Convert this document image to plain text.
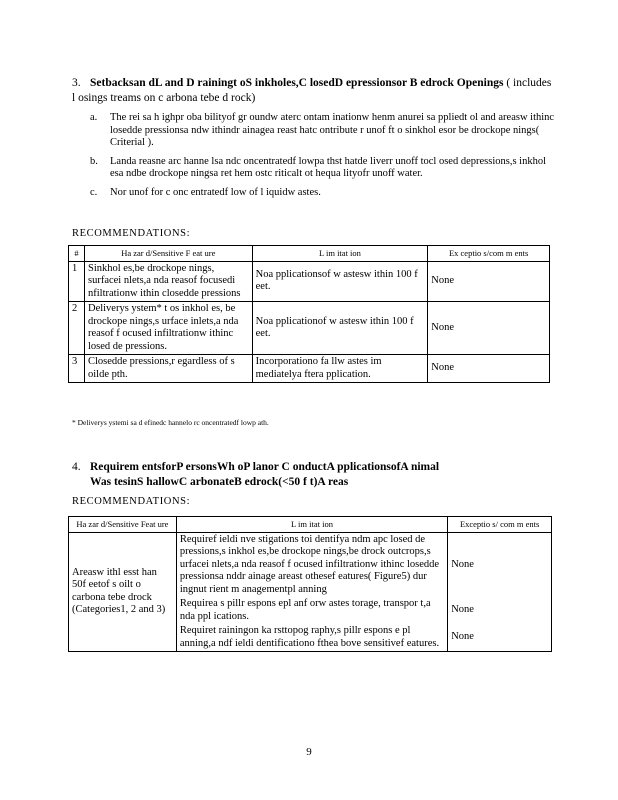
3. Setbacksan dL and D rainingt oS inkholes,C losedD epressionsor B edrock Openings ( includes l osings treams on c arbona tebe d rock)
a. The rei sa h ighpr oba bilityof gr oundw aterc ontam inationw henm anurei sa ppliedt ol and areasw ithinc losedde pressionsa ndw ithindr ainagea reast hatc ontribute r unof ft o sinkhol esor be drockope nings( Criterial ).
b. Landa reasne arc hanne lsa ndc oncentratedf lowpa thst hatde liverr unoff tocl osed depressions,s inkhol esa ndbe drockope ningsa ret hem ostc riticalt ot hequa lityofr unoff water.
c. Nor unof for c onc entratedf low of l iquidw astes.
RECOMMENDATIONS:
#	Ha zar d/Sensitive F eat ure	L im itat ion	Ex ceptio s/com m ents
1	Sinkhol es,be drockope nings, surfacei nlets,a nda reasof focusedi nfiltrationw ithin closedde pressions	Noa pplicationsof w astesw ithin 100 f eet.	None
2	Deliverys ystem* t os inkhol es, be drockope nings,s urface inlets,a nda reasof f ocused infiltrationw ithinc losed de pressions.	Noa pplicationof w astesw ithin 100 f eet.	None
3	Closedde pressions,r egardless of s oilde pth.	Incorporationo fa llw astes im mediatelya ftera pplication.	None
* Deliverys ystemi sa d efinedc hannelo rc oncentratedf lowp ath.
4. Requirem entsforP ersonsWh oP lanor C onductA pplicationsofA nimal
Was tesinS hallowC arbonateB edrock(<50 f t)A reas
RECOMMENDATIONS:
Ha zar d/Sensitive Feat ure	L im itat ion	Exceptio s/ com m ents
Areasw ithl esst han 50f eetof s oilt o carbona tebe drock (Categories1, 2 and 3)	Requiref ieldi nve stigations toi dentifya ndm apc losed de pressions,s inkhol es,be drockope nings,be drock outcrops,s urfacei nlets,a nda reasof f ocused infiltrationw ithinc losedde pressionsa nddr ainage areast othesef eatures( Figure5) dur ingnut rient m anagementpl anning	None
	Requirea s pillr espons epl anf orw astes torage, transpor t,a nda ppl ications.	None
	Requiret rainingon ka rsttopog raphy,s pillr espons e pl anning,a ndf ieldi dentificationo fthea bove sensitivef eatures.	None
9
